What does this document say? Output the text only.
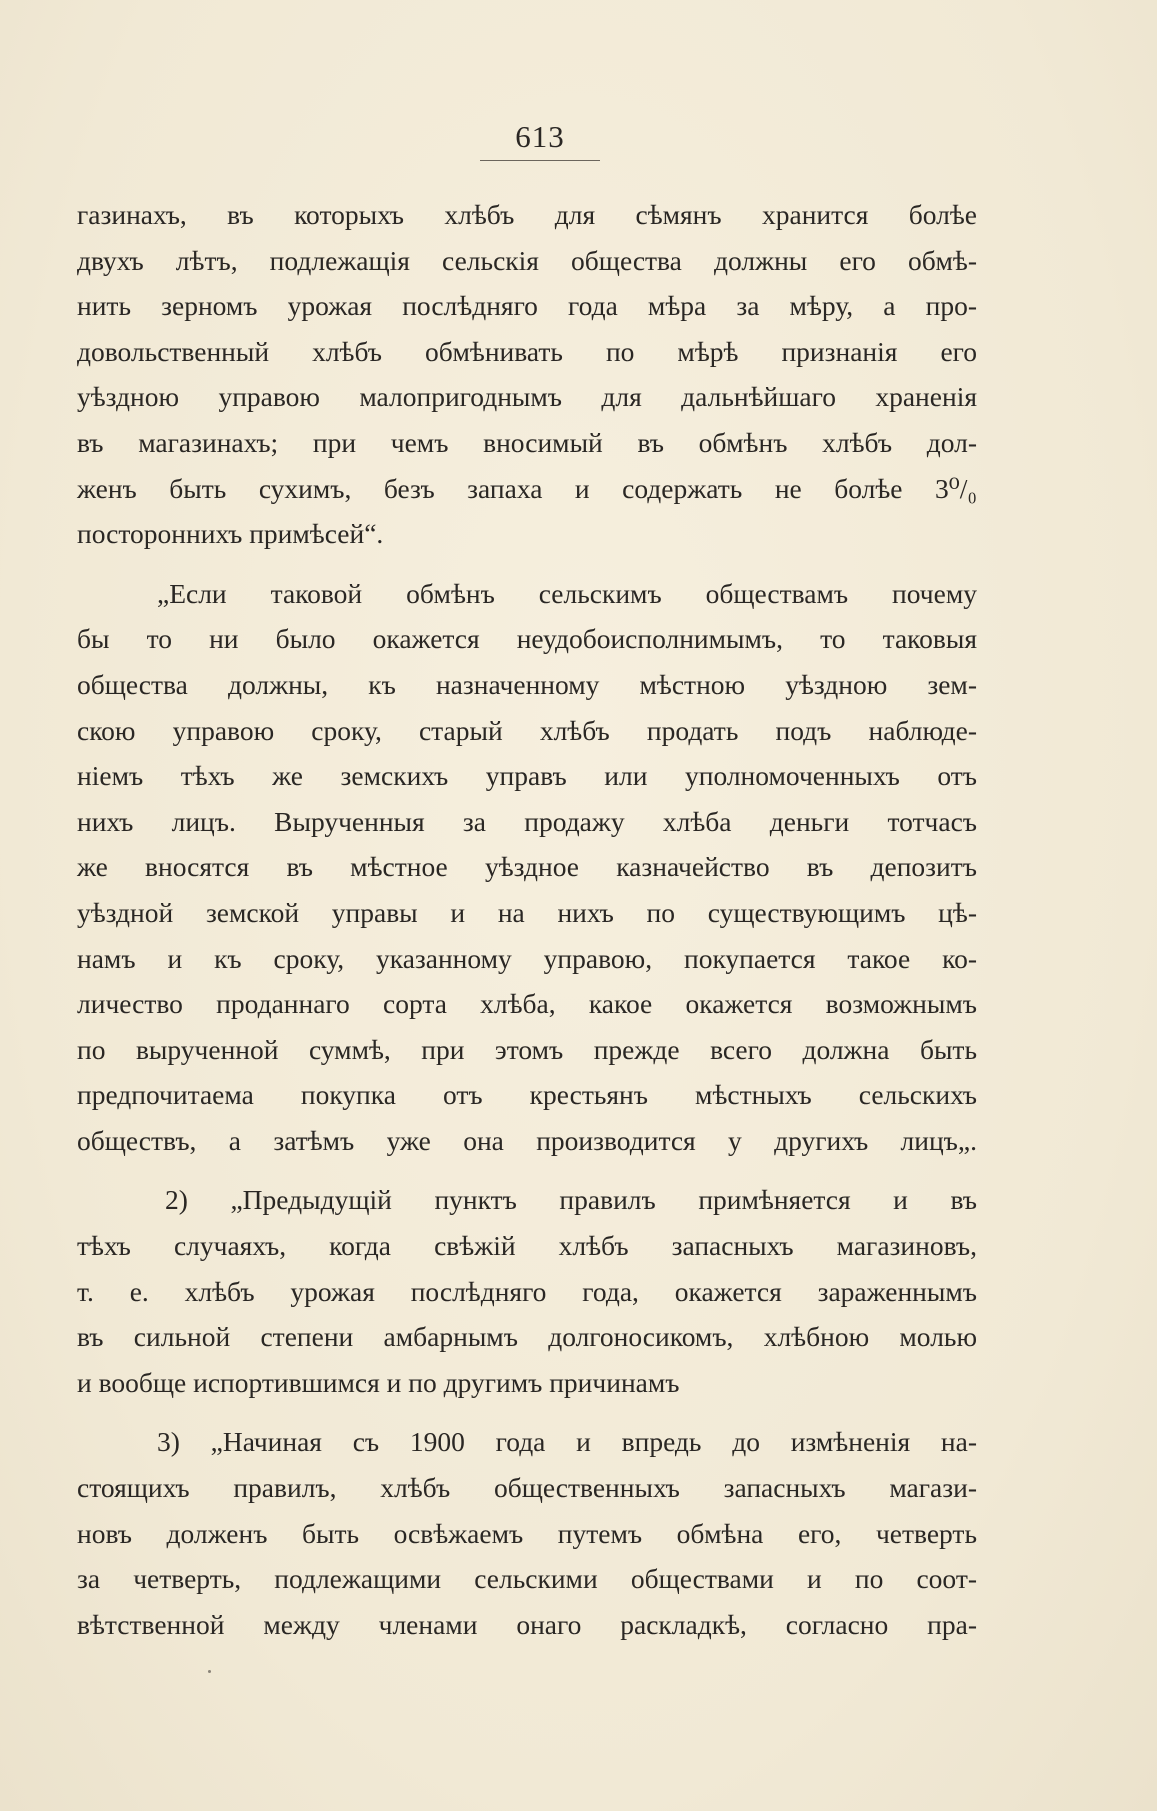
613
газинахъ, въ которыхъ хлѣбъ для сѣмянъ хранится болѣе
двухъ лѣтъ, подлежащія сельскія общества должны его обмѣ-
нить зерномъ урожая послѣдняго года мѣра за мѣру, а про-
довольственный хлѣбъ обмѣнивать по мѣрѣ признанія его
уѣздною управою малопригоднымъ для дальнѣйшаго храненія
въ магазинахъ; при чемъ вносимый въ обмѣнъ хлѣбъ дол-
женъ быть сухимъ, безъ запаха и содержать не болѣе 3⁰/₀
постороннихъ примѣсей“.
„Если таковой обмѣнъ сельскимъ обществамъ почему
бы то ни было окажется неудобоисполнимымъ, то таковыя
общества должны, къ назначенному мѣстною уѣздною зем-
скою управою сроку, старый хлѣбъ продать подъ наблюде-
ніемъ тѣхъ же земскихъ управъ или уполномоченныхъ отъ
нихъ лицъ. Вырученныя за продажу хлѣба деньги тотчасъ
же вносятся въ мѣстное уѣздное казначейство въ депозитъ
уѣздной земской управы и на нихъ по существующимъ цѣ-
намъ и къ сроку, указанному управою, покупается такое ко-
личество проданнаго сорта хлѣба, какое окажется возможнымъ
по вырученной суммѣ, при этомъ прежде всего должна быть
предпочитаема покупка отъ крестьянъ мѣстныхъ сельскихъ
обществъ, а затѣмъ уже она производится у другихъ лицъ„.
2) „Предыдущій пунктъ правилъ примѣняется и въ
тѣхъ случаяхъ, когда свѣжій хлѣбъ запасныхъ магазиновъ,
т. е. хлѣбъ урожая послѣдняго года, окажется зараженнымъ
въ сильной степени амбарнымъ долгоносикомъ, хлѣбною молью
и вообще испортившимся и по другимъ причинамъ
3) „Начиная съ 1900 года и впредь до измѣненія на-
стоящихъ правилъ, хлѣбъ общественныхъ запасныхъ магази-
новъ долженъ быть освѣжаемъ путемъ обмѣна его, четверть
за четверть, подлежащими сельскими обществами и по соот-
вѣтственной между членами онаго раскладкѣ, согласно пра-
